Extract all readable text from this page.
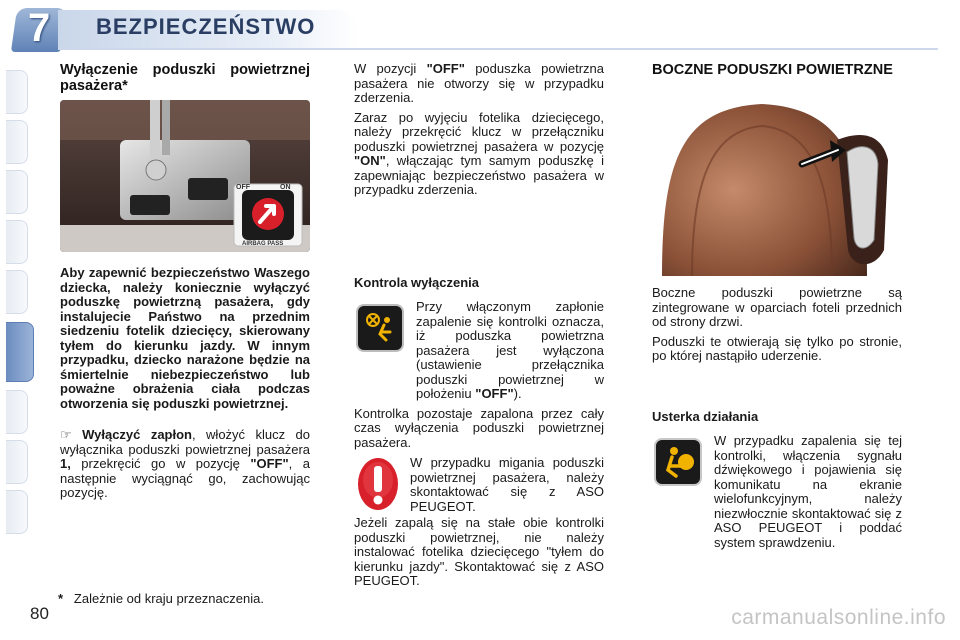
7 BEZPIECZEŃSTWO
Wyłączenie poduszki powietrznej pasażera*
OFF	ON
AIRBAG PASS
Aby zapewnić bezpieczeństwo Waszego dziecka, należy koniecznie wyłączyć poduszkę powietrzną pasażera, gdy instalujecie Państwo na przednim siedzeniu fotelik dziecięcy, skierowany tyłem do kierunku jazdy. W innym przypadku, dziecko narażone będzie na śmiertelnie niebezpieczeństwo lub poważne obrażenia ciała podczas otworzenia się poduszki powietrznej.
☞ Wyłączyć zapłon, włożyć klucz do wyłącznika poduszki powietrznej pasażera 1, przekręcić go w pozycję "OFF", a następnie wyciągnąć go, zachowując pozycję.
* Zależnie od kraju przeznaczenia.
80

W pozycji "OFF" poduszka powietrzna pasażera nie otworzy się w przypadku zderzenia.

Zaraz po wyjęciu fotelika dziecięcego, należy przekręcić klucz w przełączniku poduszki powietrznej pasażera w pozycję "ON", włączając tym samym poduszkę i zapewniając bezpieczeństwo pasażera w przypadku zderzenia.

Kontrola wyłączenia

Przy włączonym zapłonie zapalenie się kontrolki oznacza, iż poduszka powietrzna pasażera jest wyłączona (ustawienie przełącznika poduszki powietrznej w położeniu "OFF").

Kontrolka pozostaje zapalona przez cały czas wyłączenia poduszki powietrznej pasażera.

W przypadku migania poduszki powietrznej pasażera, należy skontaktować się z ASO PEUGEOT.
Jeżeli zapalą się na stałe obie kontrolki poduszki powietrznej, nie należy instalować fotelika dziecięcego "tyłem do kierunku jazdy". Skontaktować się z ASO PEUGEOT.
BOCZNE PODUSZKI POWIETRZNE

Boczne poduszki powietrzne są zintegrowane w oparciach foteli przednich od strony drzwi.

Poduszki te otwierają się tylko po stronie, po której nastąpiło uderzenie.

Usterka działania

W przypadku zapalenia się tej kontrolki, włączenia sygnału dźwiękowego i pojawienia się komunikatu na ekranie wielofunkcyjnym, należy niezwłocznie skontaktować się z ASO PEUGEOT i poddać system sprawdzeniu.

carmanualsonline.info
